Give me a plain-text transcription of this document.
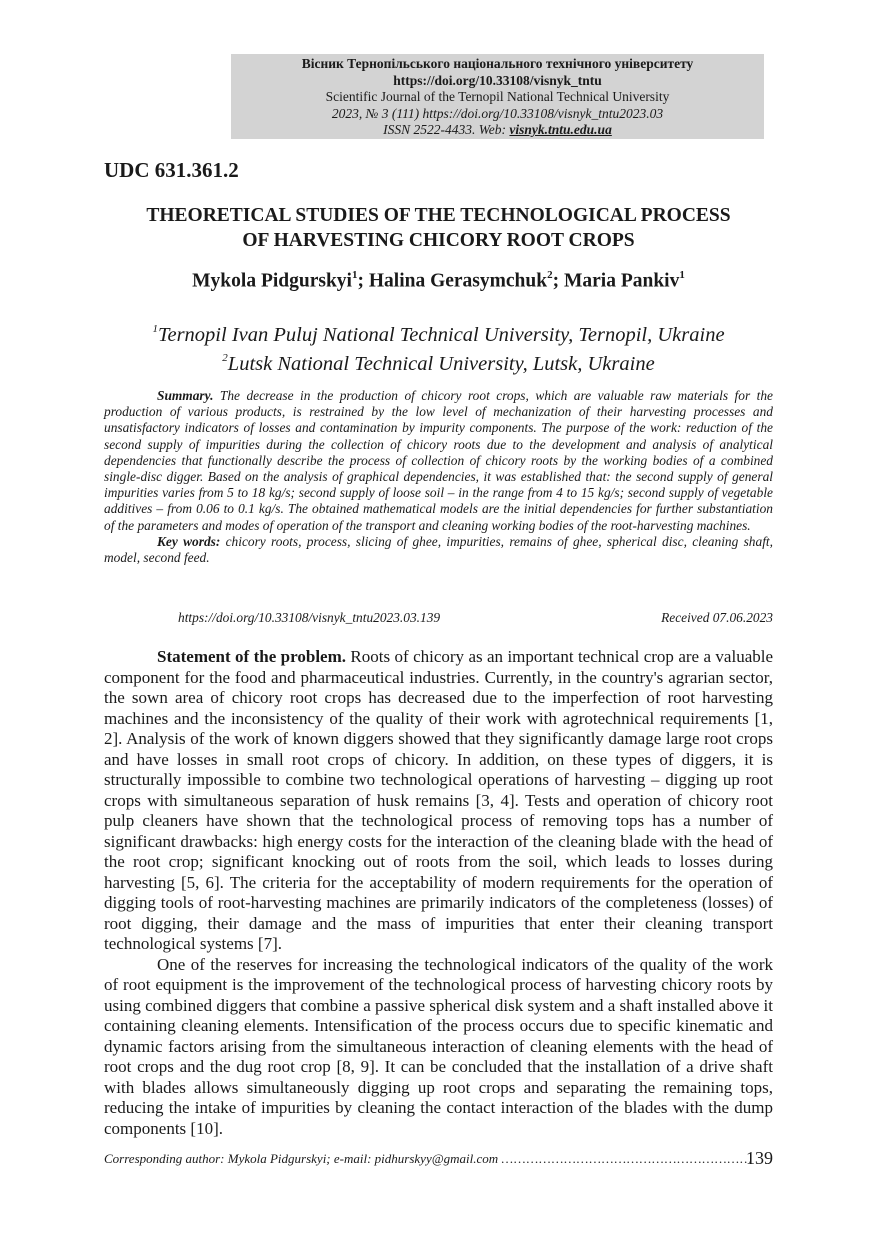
Вісник Тернопільського національного технічного університету
https://doi.org/10.33108/visnyk_tntu
Scientific Journal of the Ternopil National Technical University
2023, № 3 (111) https://doi.org/10.33108/visnyk_tntu2023.03
ISSN 2522-4433. Web: visnyk.tntu.edu.ua
UDC 631.361.2
THEORETICAL STUDIES OF THE TECHNOLOGICAL PROCESS
OF HARVESTING CHICORY ROOT CROPS
Mykola Pidgurskyi$^1$; Halina Gerasymchuk$^2$; Maria Pankiv$^1$
$^1$Ternopil Ivan Puluj National Technical University, Ternopil, Ukraine
$^2$Lutsk National Technical University, Lutsk, Ukraine

Summary. The decrease in the production of chicory root crops, which are valuable raw materials for the production of various products, is restrained by the low level of mechanization of their harvesting processes and unsatisfactory indicators of losses and contamination by impurity components. The purpose of the work: reduction of the second supply of impurities during the collection of chicory roots due to the development and analysis of analytical dependencies that functionally describe the process of collection of chicory roots by the working bodies of a combined single-disc digger. Based on the analysis of graphical dependencies, it was established that: the second supply of general impurities varies from 5 to 18 kg/s; second supply of loose soil – in the range from 4 to 15 kg/s; second supply of vegetable additives – from 0.06 to 0.1 kg/s. The obtained mathematical models are the initial dependencies for further substantiation of the parameters and modes of operation of the transport and cleaning working bodies of the root-harvesting machines.

Key words: chicory roots, process, slicing of ghee, impurities, remains of ghee, spherical disc, cleaning shaft, model, second feed.

https://doi.org/10.33108/visnyk_tntu2023.03.139	Received 07.06.2023

Statement of the problem. Roots of chicory as an important technical crop are a valuable component for the food and pharmaceutical industries. Currently, in the country's agrarian sector, the sown area of chicory root crops has decreased due to the imperfection of root harvesting machines and the inconsistency of the quality of their work with agrotechnical requirements [1, 2]. Analysis of the work of known diggers showed that they significantly damage large root crops and have losses in small root crops of chicory. In addition, on these types of diggers, it is structurally impossible to combine two technological operations of harvesting – digging up root crops with simultaneous separation of husk remains [3, 4]. Tests and operation of chicory root pulp cleaners have shown that the technological process of removing tops has a number of significant drawbacks: high energy costs for the interaction of the cleaning blade with the head of the root crop; significant knocking out of roots from the soil, which leads to losses during harvesting [5, 6]. The criteria for the acceptability of modern requirements for the operation of digging tools of root-harvesting machines are primarily indicators of the completeness (losses) of root digging, their damage and the mass of impurities that enter their cleaning transport technological systems [7].

One of the reserves for increasing the technological indicators of the quality of the work of root equipment is the improvement of the technological process of harvesting chicory roots by using combined diggers that combine a passive spherical disk system and a shaft installed above it containing cleaning elements. Intensification of the process occurs due to specific kinematic and dynamic factors arising from the simultaneous interaction of cleaning elements with the head of root crops and the dug root crop [8, 9]. It can be concluded that the installation of a drive shaft with blades allows simultaneously digging up root crops and separating the remaining tops, reducing the intake of impurities by cleaning the contact interaction of the blades with the dump components [10].

Corresponding author: Mykola Pidgurskyi; e-mail: pidhurskyy@gmail.com ……………………………………………………
139
